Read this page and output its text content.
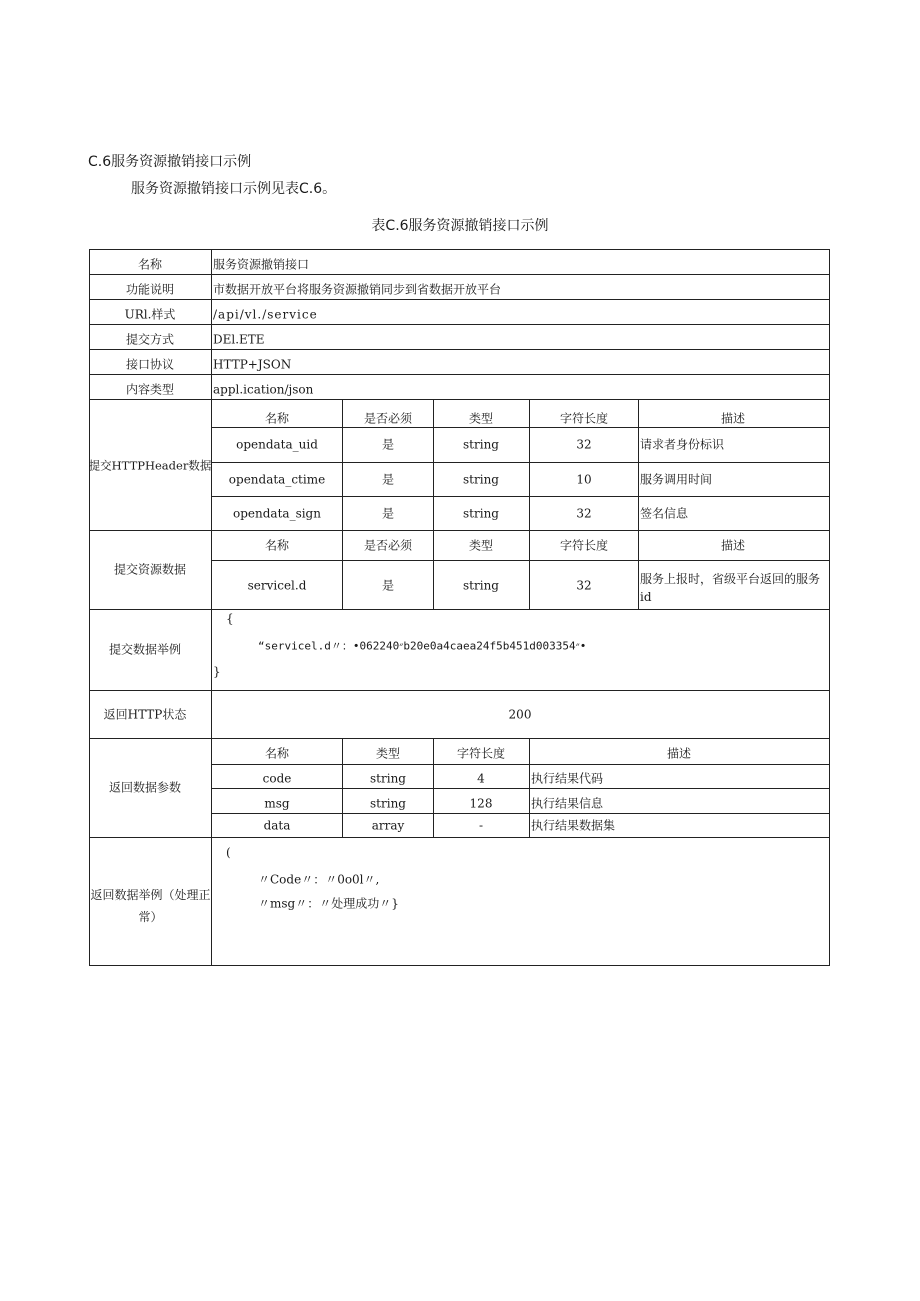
C.6服务资源撤销接口示例
服务资源撤销接口示例见表C.6。
表C.6服务资源撤销接口示例
名称	服务资源撤销接口
功能说明	市数据开放平台将服务资源撤销同步到省数据开放平台
URl.样式	/api/vl./service
提交方式	DEl.ETE
接口协议	HTTP+JSON
内容类型	appl.ication/json
提交HTTPHeader数据
名称	是否必须	类型	字符长度	描述
opendata_uid	是	string	32	请求者身份标识
opendata_ctime	是	string	10	服务调用时间
opendata_sign	是	string	32	签名信息
提交资源数据
名称	是否必须	类型	字符长度	描述
servicel.d	是	string	32	服务上报时，省级平台返回的服务id
提交数据举例
{
“servicel.d〃：•״062240b20e0a4caea24f5b451d003354״•
}
返回HTTP状态	200
返回数据参数
名称	类型	字符长度	描述
code	string	4	执行结果代码
msg	string	128	执行结果信息
data	array	-	执行结果数据集
返回数据举例（处理正常）
(
〃Code〃：〃0o0l〃,
〃msg〃：〃处理成功〃}
